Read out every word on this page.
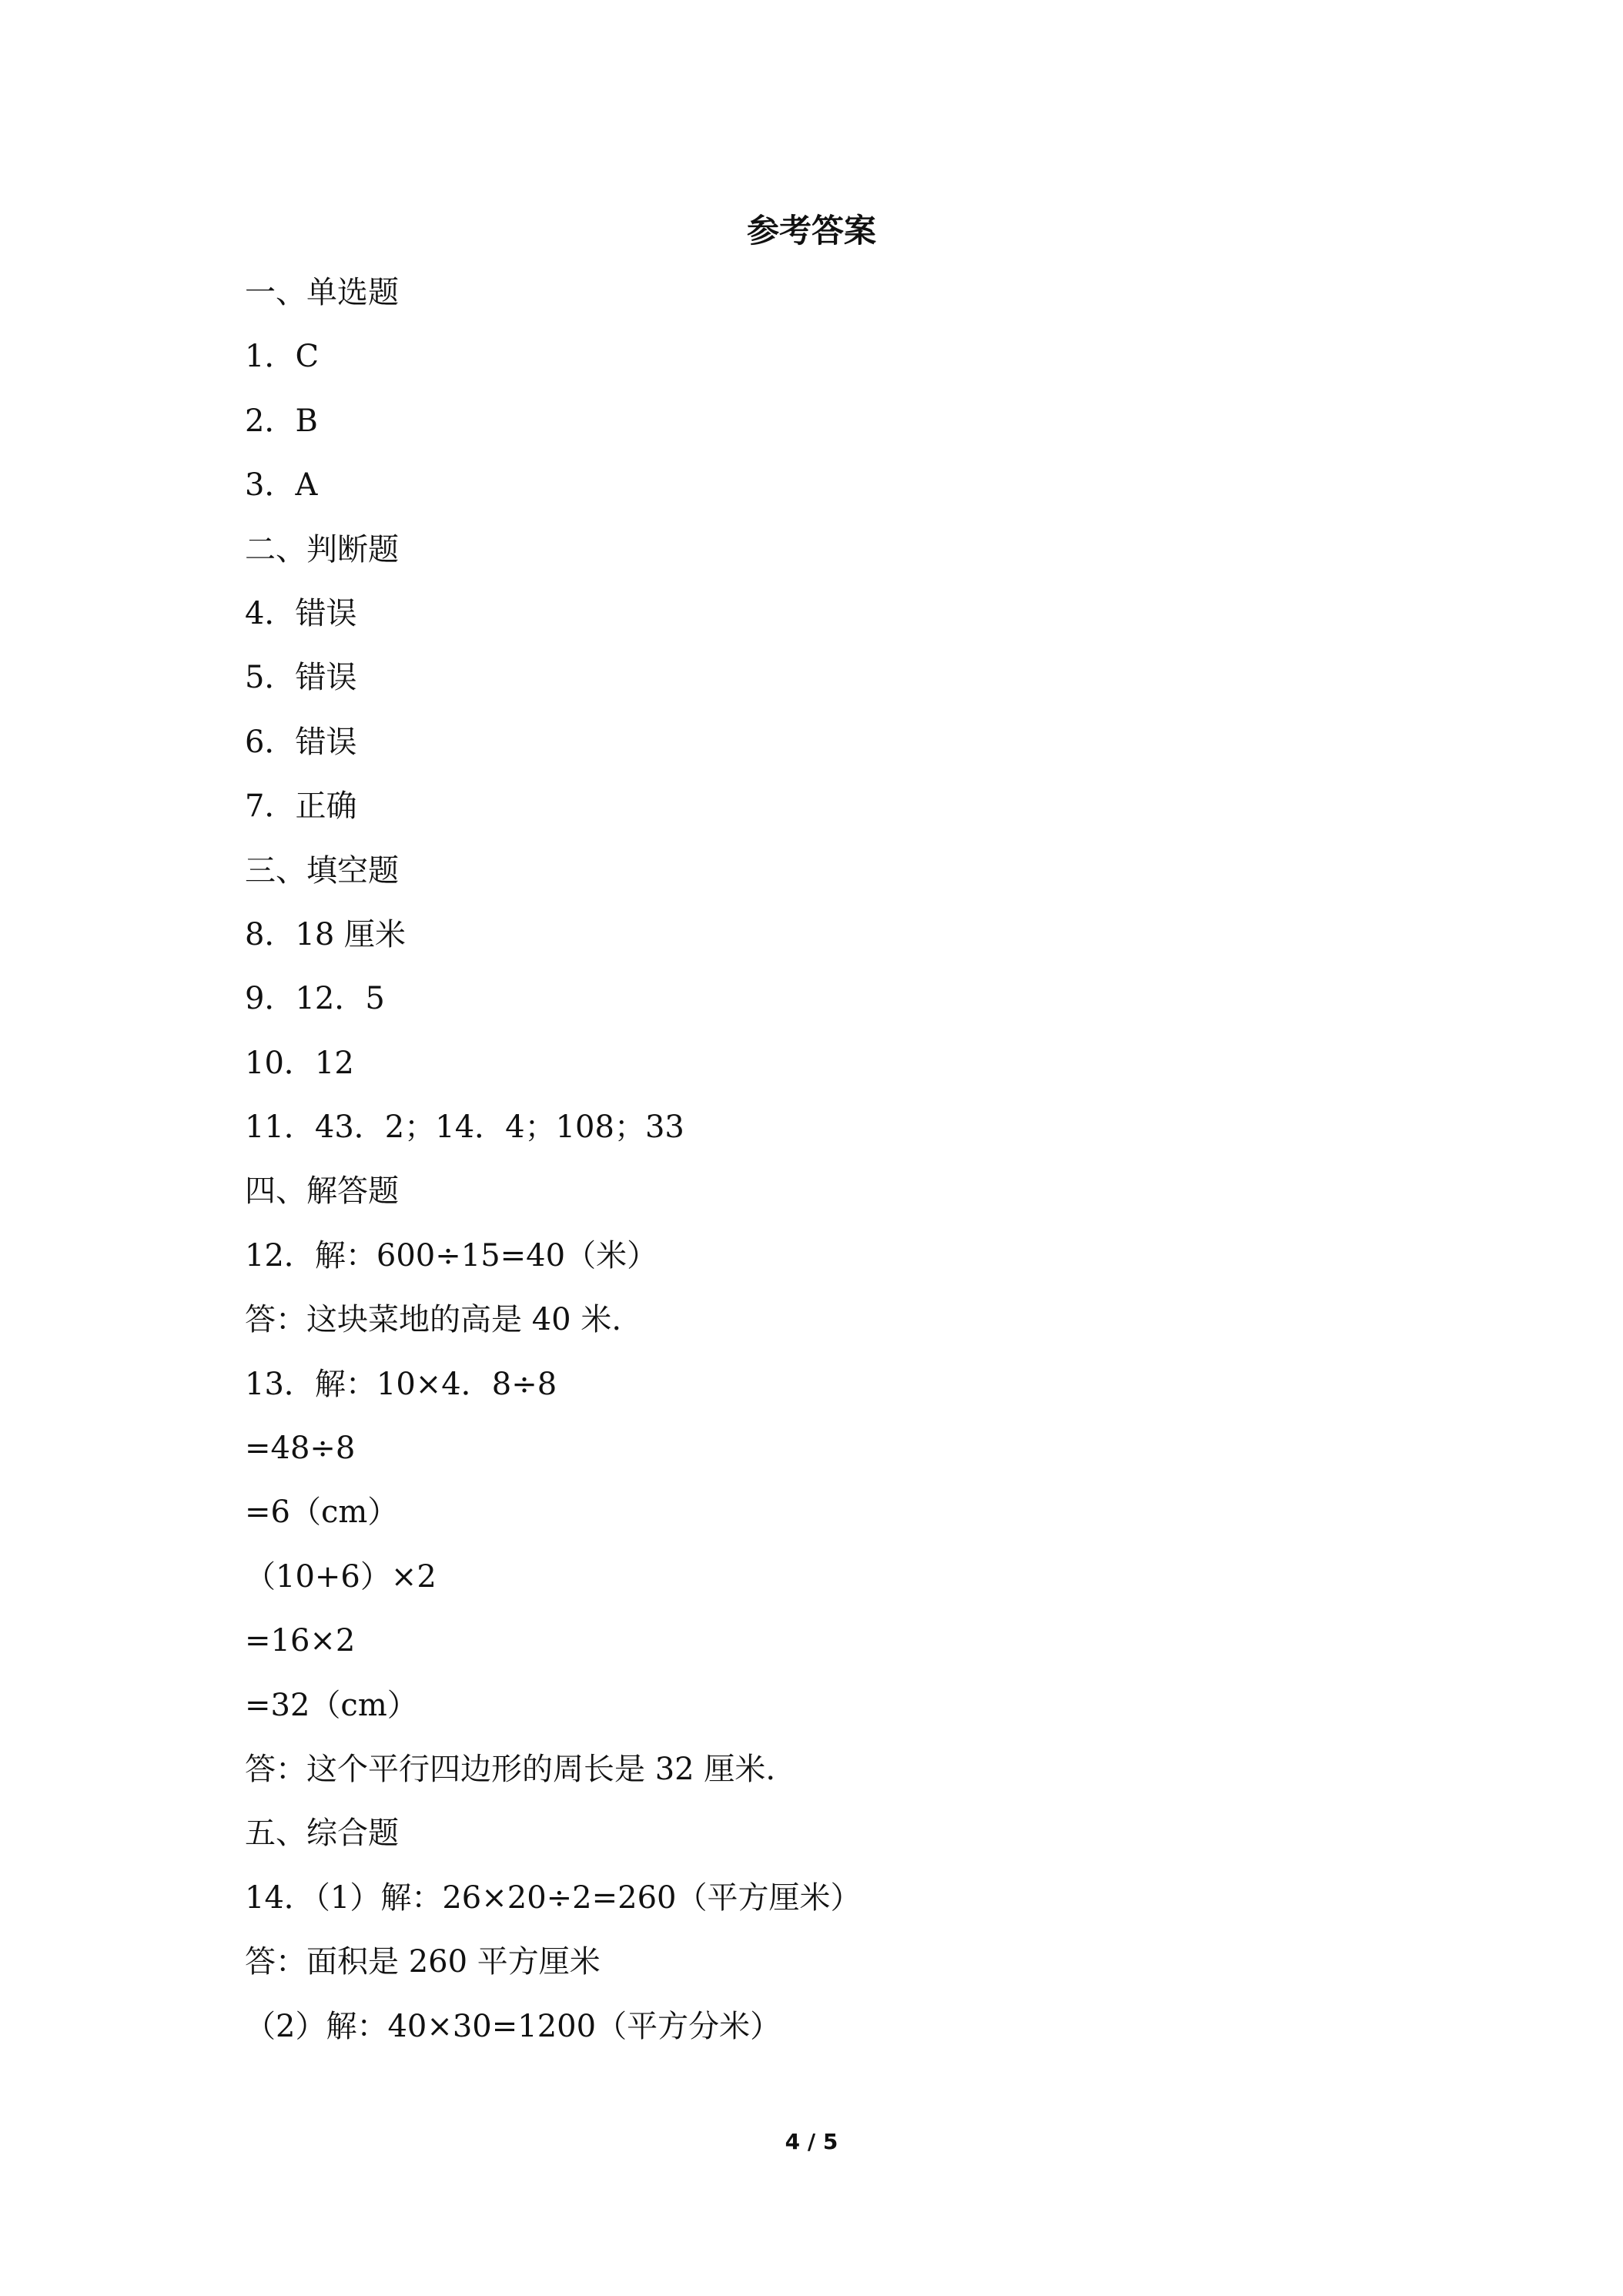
参考答案
一、单选题
1．C
2．B
3．A
二、判断题
4．错误
5．错误
6．错误
7．正确
三、填空题
8．18 厘米
9．12．5
10．12
11．43．2；14．4；108；33
四、解答题
12．解：600÷15=40（米）
答：这块菜地的高是 40 米.
13．解：10×4．8÷8
=48÷8
=6（cm）
（10+6）×2
=16×2
=32（cm）
答：这个平行四边形的周长是 32 厘米.
五、综合题
14．（1）解：26×20÷2=260（平方厘米）
答：面积是 260 平方厘米
（2）解：40×30=1200（平方分米）
4 / 5
